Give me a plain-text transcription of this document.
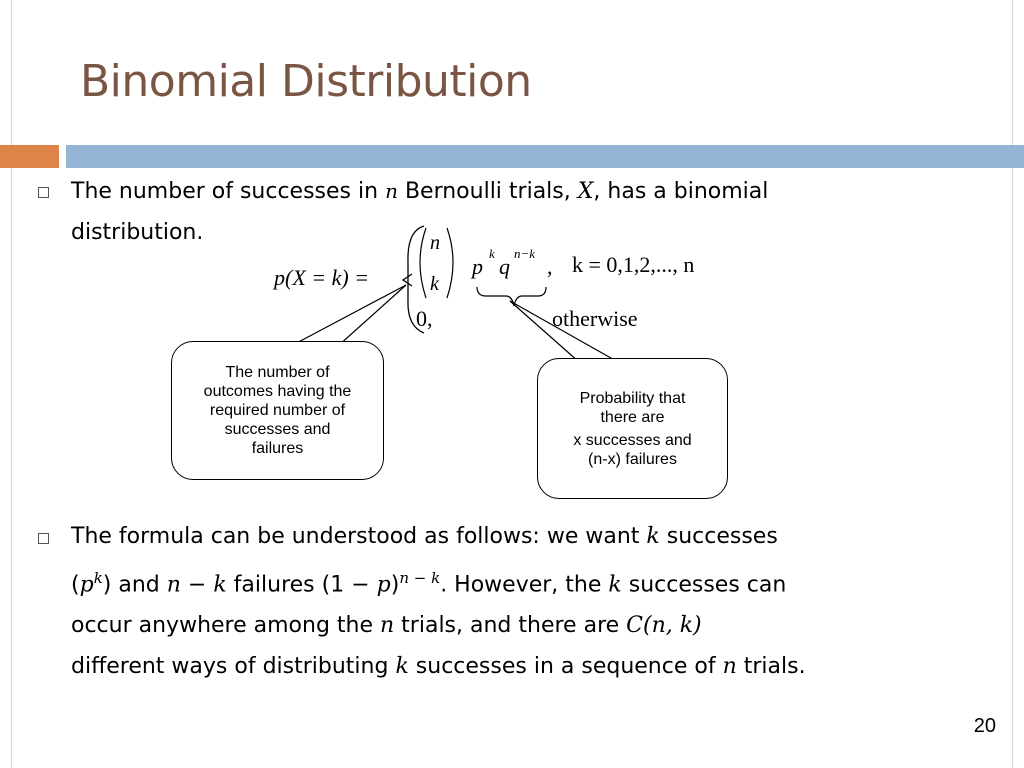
Binomial Distribution
The number of successes in n Bernoulli trials, X, has a binomial
distribution.
p(X = k) =
n
k
p
k
q
n−k
, k = 0,1,2,..., n
0,	otherwise
The number of
outcomes having the
required number of
successes and
failures
Probability that
there are
x successes and
(n-x) failures
The formula can be understood as follows: we want k successes
$(p^k)$ and n − k failures $(1 - p)^{n - k}$. However, the k successes can
occur anywhere among the n trials, and there are C(n, k)
different ways of distributing k successes in a sequence of n trials.
20
